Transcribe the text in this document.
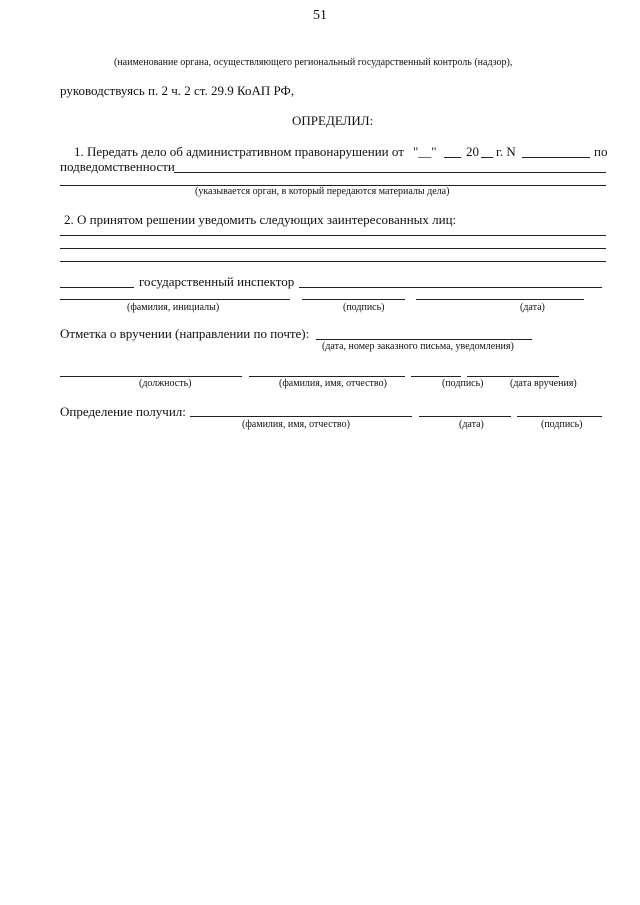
51
(наименование органа, осуществляющего региональный государственный контроль (надзор),
руководствуясь п. 2 ч. 2 ст. 29.9 КоАП РФ,
ОПРЕДЕЛИЛ:
1. Передать дело об административном правонарушении от "__" 20 г. N	по
подведомственности
(указывается орган, в который передаются материалы дела)
2. О принятом решении уведомить следующих заинтересованных лиц:
государственный инспектор
(фамилия, инициалы)	(подпись)	(дата)
Отметка о вручении (направлении по почте):
(дата, номер заказного письма, уведомления)
(должность)	(фамилия, имя, отчество)	(подпись)	(дата вручения)
Определение получил:
(фамилия, имя, отчество)	(дата)	(подпись)
